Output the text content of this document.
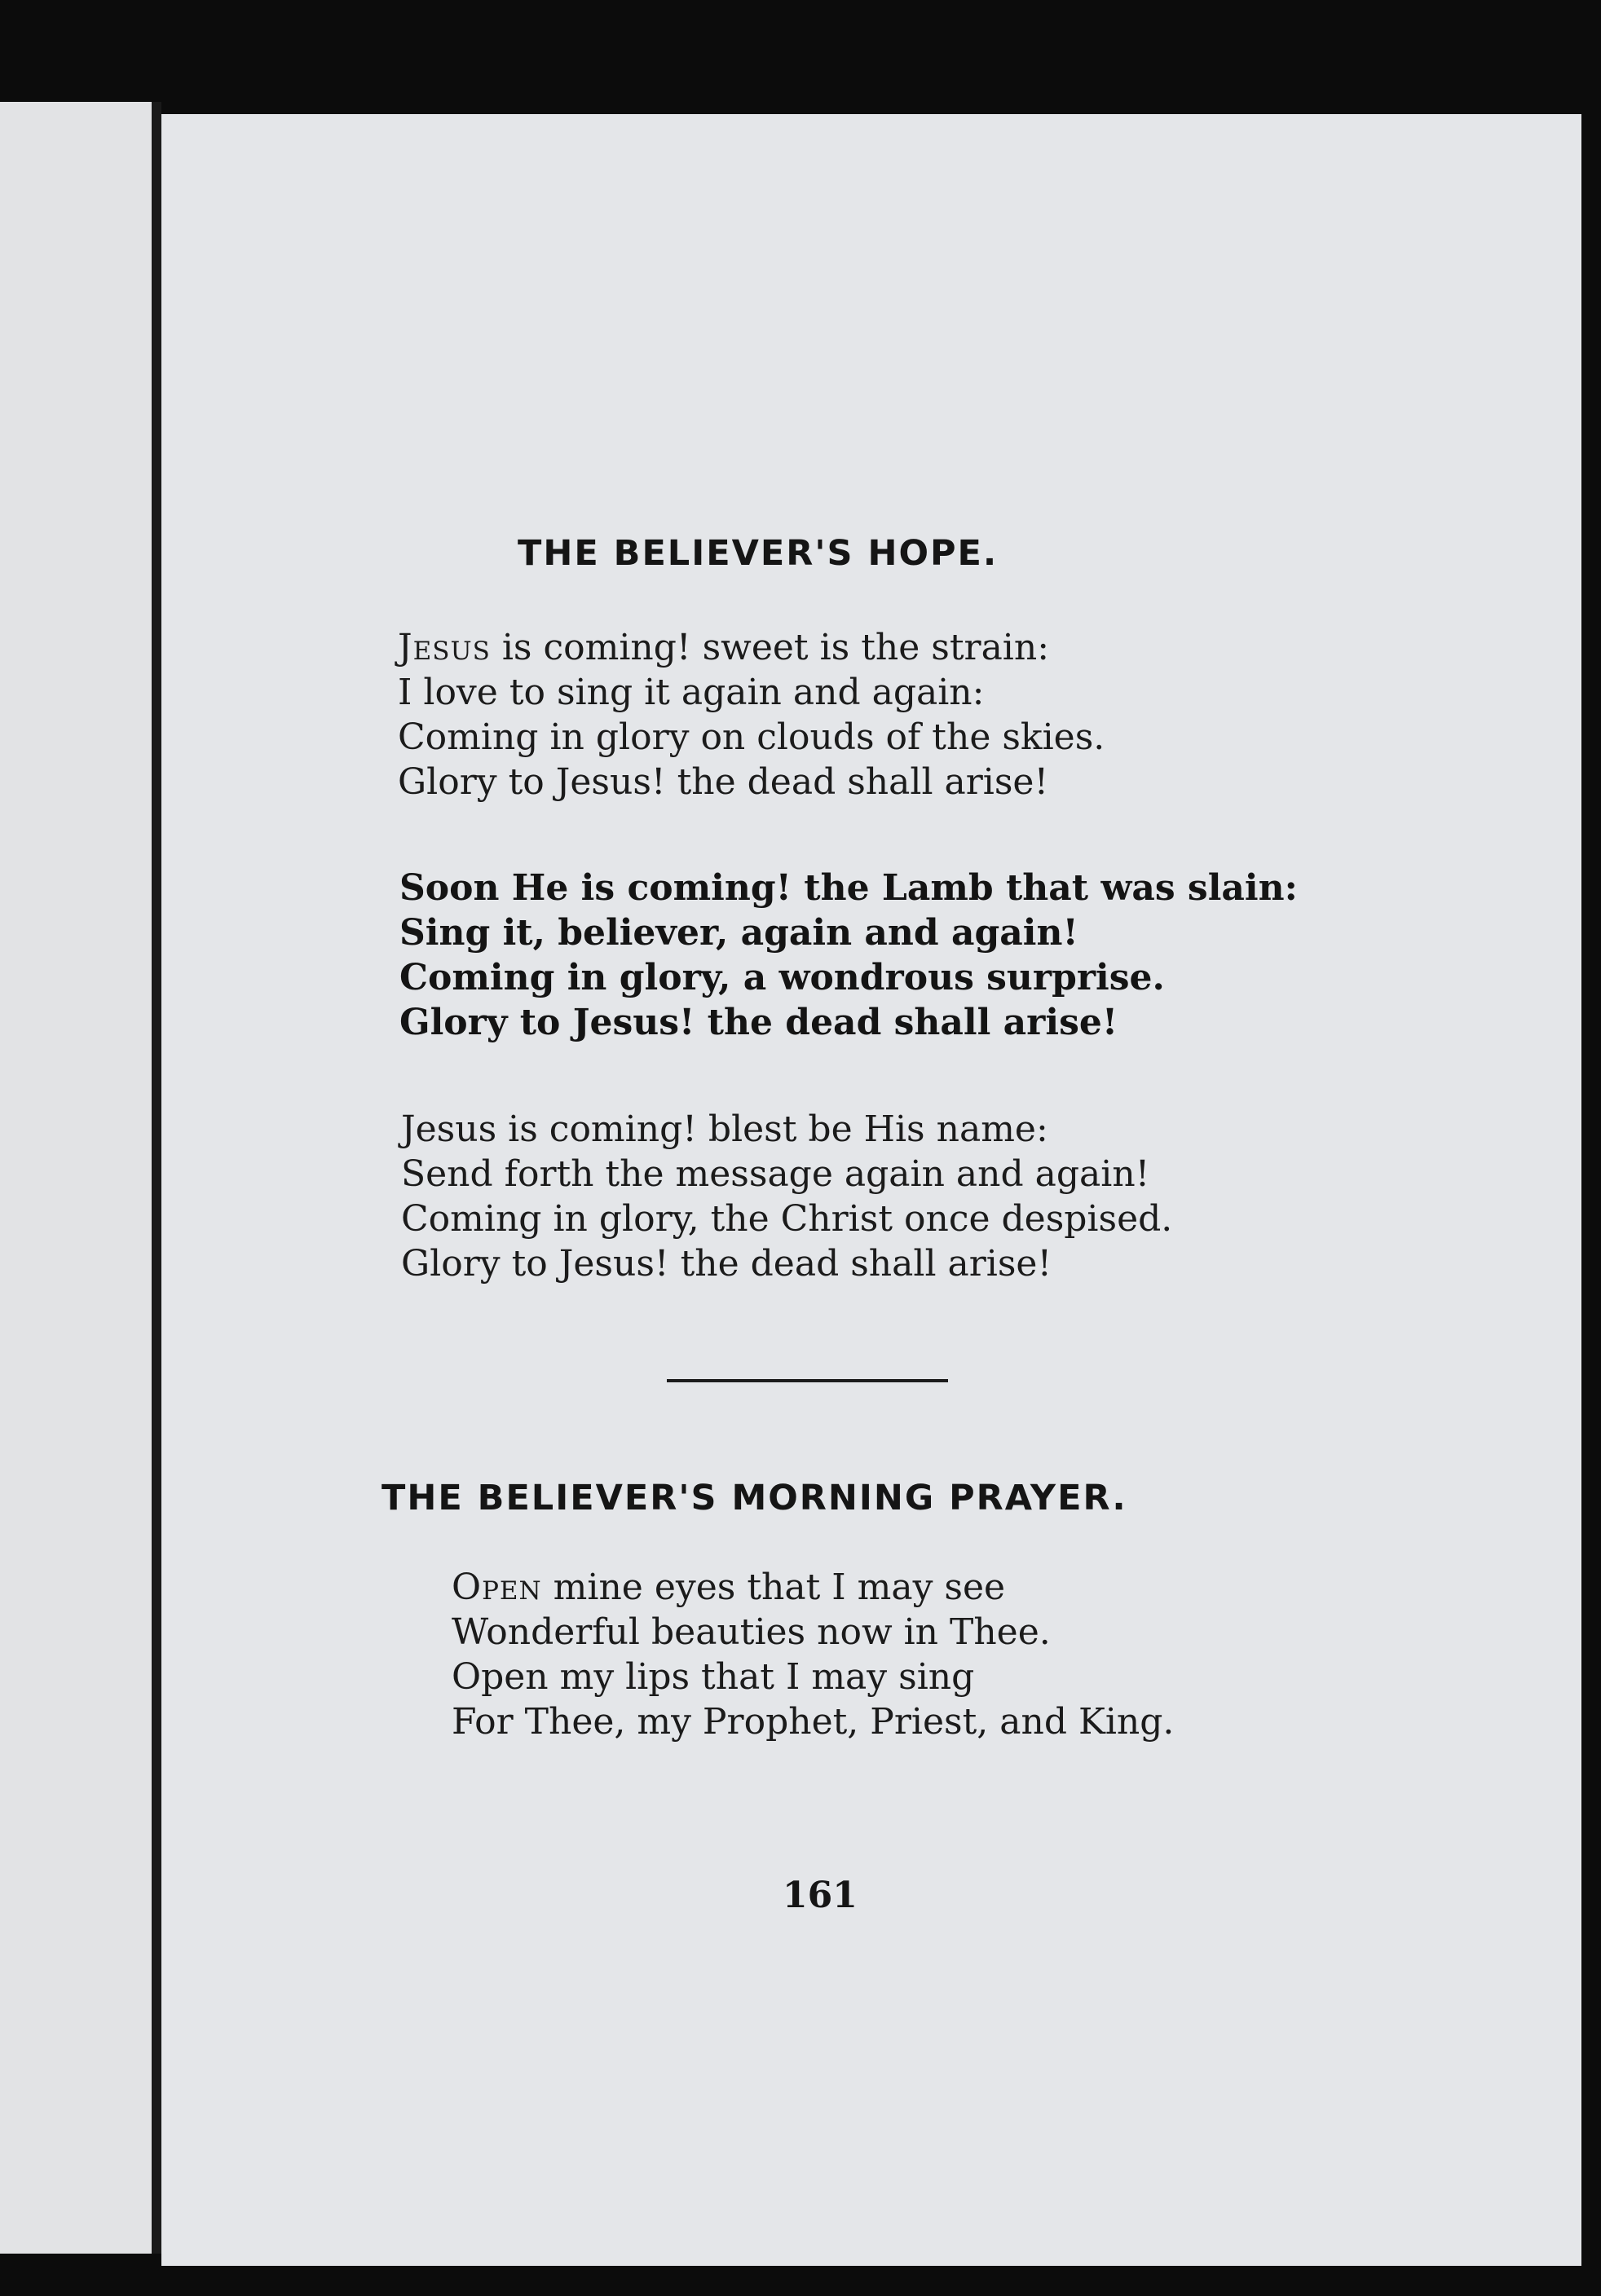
THE BELIEVER'S HOPE.
Jesus is coming! sweet is the strain:
I love to sing it again and again:
Coming in glory on clouds of the skies.
Glory to Jesus! the dead shall arise!
Soon He is coming! the Lamb that was slain:
Sing it, believer, again and again!
Coming in glory, a wondrous surprise.
Glory to Jesus! the dead shall arise!
Jesus is coming! blest be His name:
Send forth the message again and again!
Coming in glory, the Christ once despised.
Glory to Jesus! the dead shall arise!
THE BELIEVER'S MORNING PRAYER.
Open mine eyes that I may see
Wonderful beauties now in Thee.
Open my lips that I may sing
For Thee, my Prophet, Priest, and King.
161
